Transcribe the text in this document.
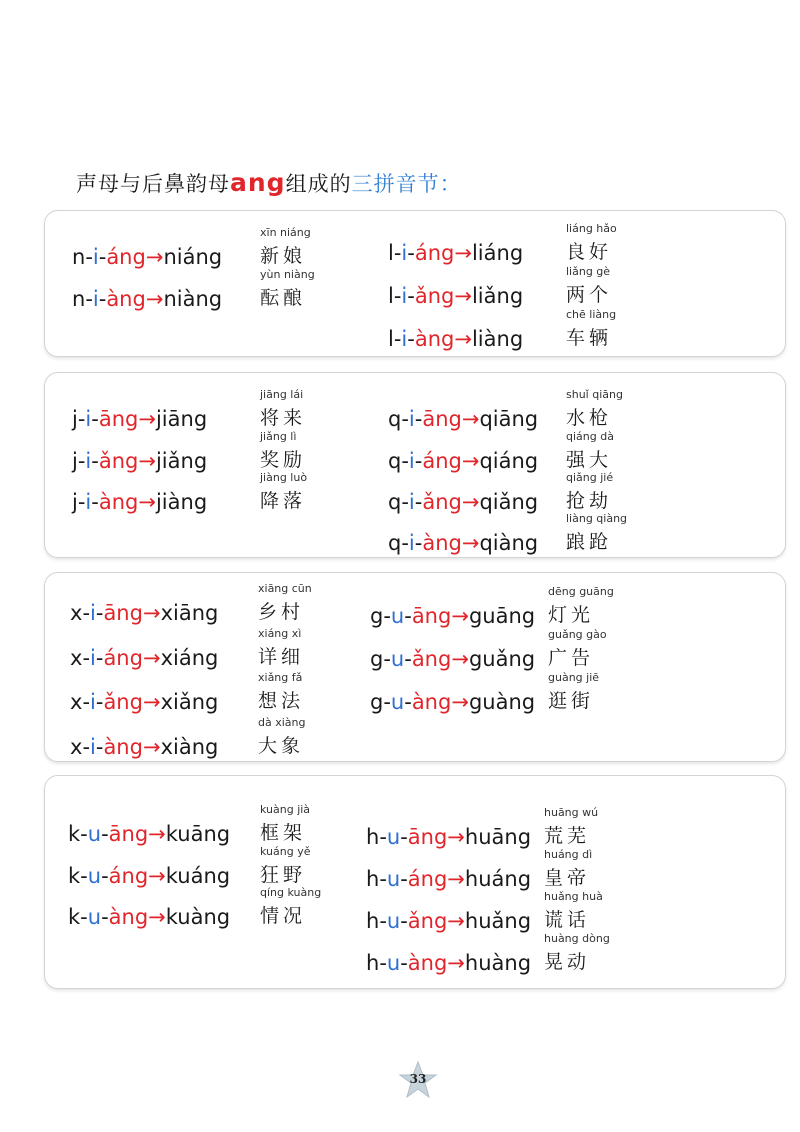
声母与后鼻韵母ang组成的三拼音节：
xīn niáng
n-i-áng→niáng 新娘
yùn niàng
n-i-àng→niàng 酝酿
liáng hǎo
l-i-áng→liáng 良好
liǎng gè
l-i-ǎng→liǎng 两个
chē liàng
l-i-àng→liàng 车辆
jiāng lái
j-i-āng→jiāng	将来
jiǎng lì
j-i-ǎng→jiǎng	奖励
jiàng luò
j-i-àng→jiàng	降落
shuǐ qiāng
q-i-āng→qiāng 水枪
qiáng dà
q-i-áng→qiáng 强大
qiǎng jié
q-i-ǎng→qiǎng 抢劫
liàng qiàng
q-i-àng→qiàng 踉跄
xiāng cūn
x-i-āng→xiāng 乡村
xiáng xì
x-i-áng→xiáng 详细
xiǎng fǎ
x-i-ǎng→xiǎng 想法
dà xiàng
x-i-àng→xiàng 大象
dēng guāng
g-u-āng→guāng 灯光
guǎng gào
g-u-ǎng→guǎng 广告
guàng jiē
g-u-àng→guàng 逛街
kuàng jià
k-u-āng→kuāng 框架
kuáng yě
k-u-áng→kuáng 狂野
qíng kuàng
k-u-àng→kuàng 情况
huāng wú
h-u-āng→huāng 荒芜
huáng dì
h-u-áng→huáng 皇帝
huǎng huà
h-u-ǎng→huǎng 谎话
huàng dòng
h-u-àng→huàng 晃动
33
